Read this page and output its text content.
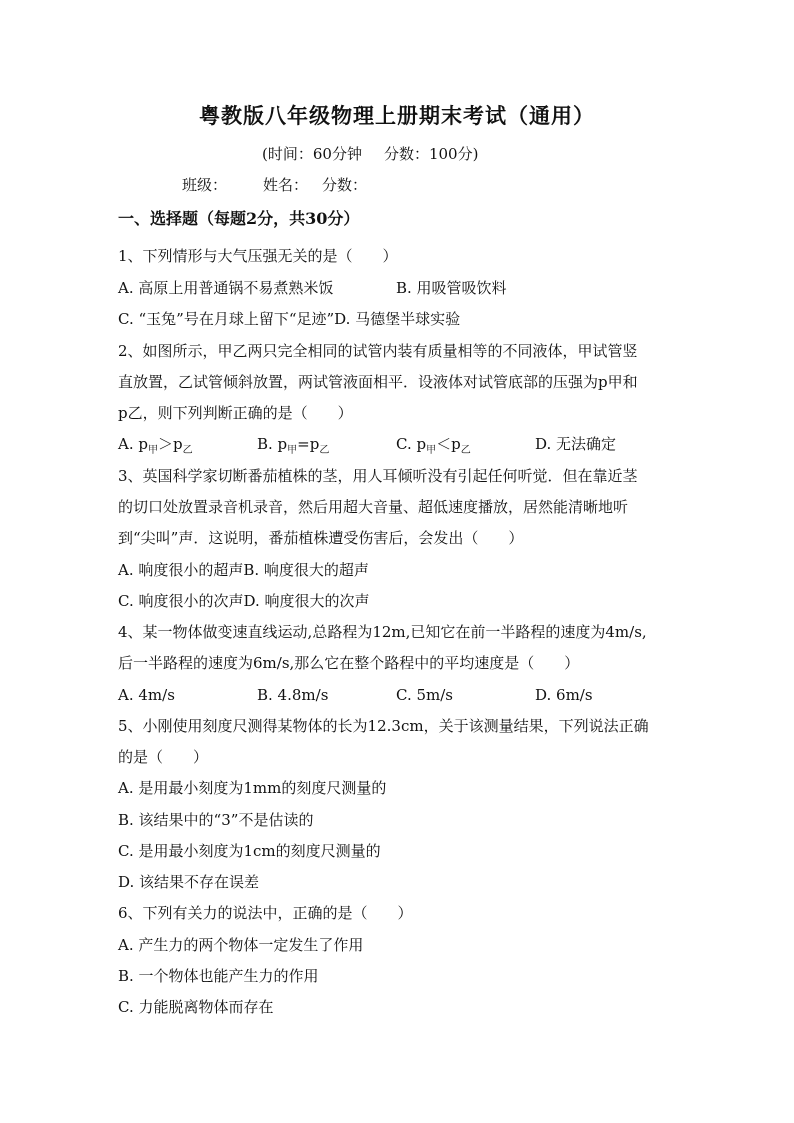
粤教版八年级物理上册期末考试（通用）
(时间：60分钟 分数：100分)
班级： 姓名： 分数：
一、选择题（每题2分，共30分）
1、下列情形与大气压强无关的是（　　）
A. 高原上用普通锅不易煮熟米饭	B. 用吸管吸饮料
C. “玉兔”号在月球上留下“足迹”D. 马德堡半球实验
2、如图所示，甲乙两只完全相同的试管内装有质量相等的不同液体，甲试管竖
直放置，乙试管倾斜放置，两试管液面相平．设液体对试管底部的压强为p甲和
p乙，则下列判断正确的是（　　）
A. $p_甲>p_乙$	B. $p_甲=p_乙$	C. $p_甲<p_乙$	D. 无法确定
3、英国科学家切断番茄植株的茎，用人耳倾听没有引起任何听觉．但在靠近茎
的切口处放置录音机录音，然后用超大音量、超低速度播放，居然能清晰地听
到“尖叫”声．这说明，番茄植株遭受伤害后，会发出（　　）
A. 响度很小的超声B. 响度很大的超声
C. 响度很小的次声D. 响度很大的次声
4、某一物体做变速直线运动,总路程为12m,已知它在前一半路程的速度为4m/s,
后一半路程的速度为6m/s,那么它在整个路程中的平均速度是（　　）
A. 4m/s	B. 4.8m/s	C. 5m/s	D. 6m/s
5、小刚使用刻度尺测得某物体的长为12.3cm，关于该测量结果，下列说法正确
的是（　　）
A. 是用最小刻度为1mm的刻度尺测量的
B. 该结果中的“3”不是估读的
C. 是用最小刻度为1cm的刻度尺测量的
D. 该结果不存在误差
6、下列有关力的说法中，正确的是（　　）
A. 产生力的两个物体一定发生了作用
B. 一个物体也能产生力的作用
C. 力能脱离物体而存在
